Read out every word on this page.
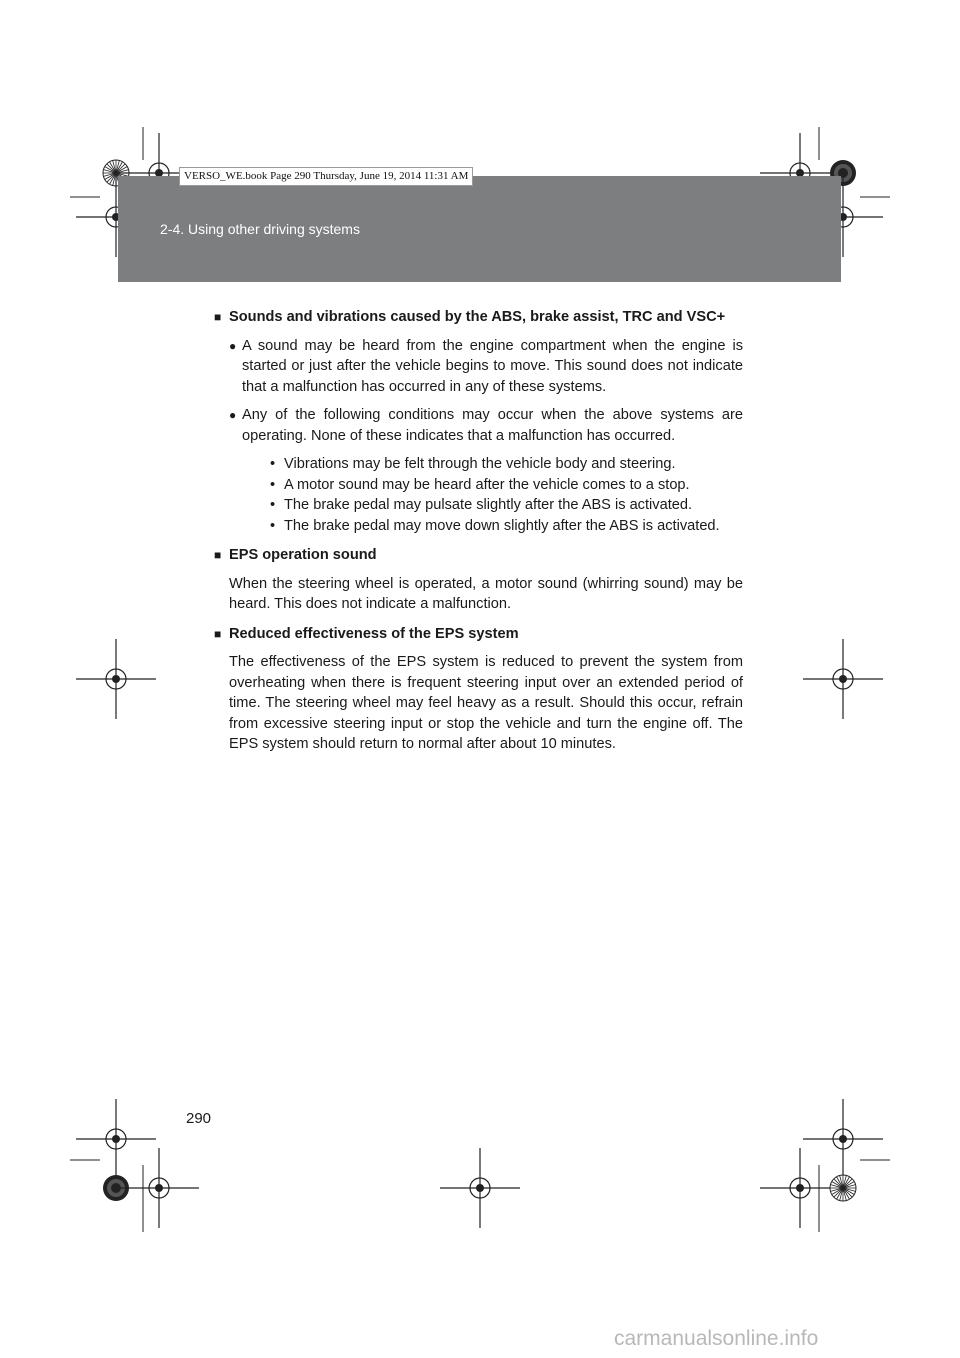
2-4. Using other driving systems
VERSO_WE.book Page 290 Thursday, June 19, 2014 11:31 AM
■ Sounds and vibrations caused by the ABS, brake assist, TRC and VSC+
● A sound may be heard from the engine compartment when the engine is started or just after the vehicle begins to move. This sound does not indicate that a malfunction has occurred in any of these systems.
● Any of the following conditions may occur when the above systems are operating. None of these indicates that a malfunction has occurred.
• Vibrations may be felt through the vehicle body and steering.
• A motor sound may be heard after the vehicle comes to a stop.
• The brake pedal may pulsate slightly after the ABS is activated.
• The brake pedal may move down slightly after the ABS is activated.
■ EPS operation sound
When the steering wheel is operated, a motor sound (whirring sound) may be heard. This does not indicate a malfunction.
■ Reduced effectiveness of the EPS system
The effectiveness of the EPS system is reduced to prevent the system from overheating when there is frequent steering input over an extended period of time. The steering wheel may feel heavy as a result. Should this occur, refrain from excessive steering input or stop the vehicle and turn the engine off. The EPS system should return to normal after about 10 minutes.
290
carmanualsonline.info
